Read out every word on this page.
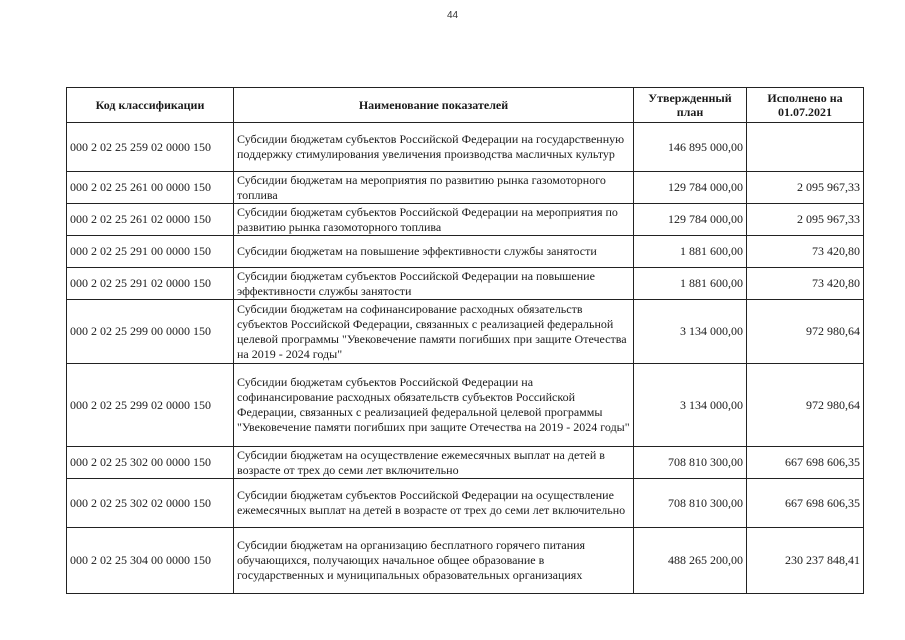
44
Код классификации	Наименование показателей	Утвержденный план	Исполнено на 01.07.2021
000 2 02 25 259 02 0000 150	Субсидии бюджетам субъектов Российской Федерации на государственную поддержку стимулирования увеличения производства масличных культур	146 895 000,00	
000 2 02 25 261 00 0000 150	Субсидии бюджетам на мероприятия по развитию рынка газомоторного топлива	129 784 000,00	2 095 967,33
000 2 02 25 261 02 0000 150	Субсидии бюджетам субъектов Российской Федерации на мероприятия по развитию рынка газомоторного топлива	129 784 000,00	2 095 967,33
000 2 02 25 291 00 0000 150	Субсидии бюджетам на повышение эффективности службы занятости	1 881 600,00	73 420,80
000 2 02 25 291 02 0000 150	Субсидии бюджетам субъектов Российской Федерации на повышение эффективности службы занятости	1 881 600,00	73 420,80
000 2 02 25 299 00 0000 150	Субсидии бюджетам на софинансирование расходных обязательств субъектов Российской Федерации, связанных с реализацией федеральной целевой программы "Увековечение памяти погибших при защите Отечества на 2019 - 2024 годы"	3 134 000,00	972 980,64
000 2 02 25 299 02 0000 150	Субсидии бюджетам субъектов Российской Федерации на софинансирование расходных обязательств субъектов Российской Федерации, связанных с реализацией федеральной целевой программы "Увековечение памяти погибших при защите Отечества на 2019 - 2024 годы"	3 134 000,00	972 980,64
000 2 02 25 302 00 0000 150	Субсидии бюджетам на осуществление ежемесячных выплат на детей в возрасте от трех до семи лет включительно	708 810 300,00	667 698 606,35
000 2 02 25 302 02 0000 150	Субсидии бюджетам субъектов Российской Федерации на осуществление ежемесячных выплат на детей в возрасте от трех до семи лет включительно	708 810 300,00	667 698 606,35
000 2 02 25 304 00 0000 150	Субсидии бюджетам на организацию бесплатного горячего питания обучающихся, получающих начальное общее образование в государственных и муниципальных образовательных организациях	488 265 200,00	230 237 848,41
